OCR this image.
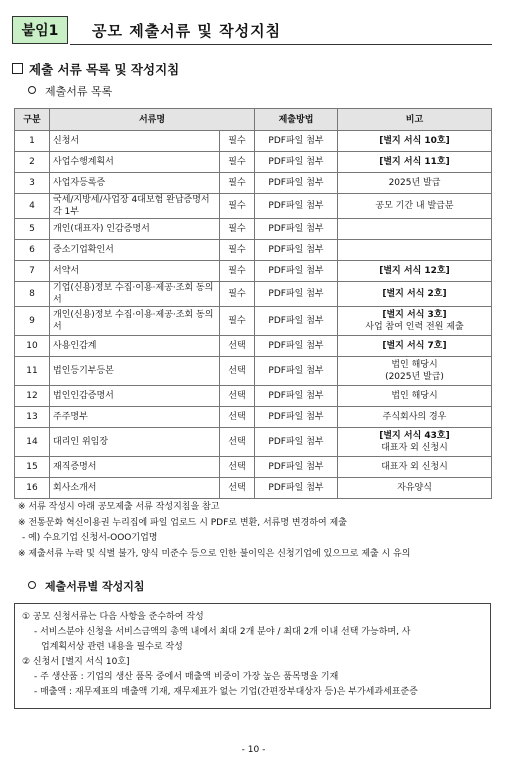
붙임1	공모 제출서류 및 작성지침
제출 서류 목록 및 작성지침
제출서류 목록
구분	서류명		제출방법	비고
1	신청서	필수	PDF파일 첨부	[별지 서식 10호]

2	사업수행계획서	필수	PDF파일 첨부	[별지 서식 11호]

3	사업자등록증	필수	PDF파일 첨부	2025년 발급

4	국세/지방세/사업장 4대보험 완납증명서 각 1부	필수	PDF파일 첨부	공모 기간 내 발급분

5	개인(대표자) 인감증명서	필수	PDF파일 첨부	

6	중소기업확인서	필수	PDF파일 첨부	

7	서약서	필수	PDF파일 첨부	[별지 서식 12호]

8	기업(신용)정보 수집·이용·제공·조회 동의서	필수	PDF파일 첨부	[별지 서식 2호]

9	개인(신용)정보 수집·이용·제공·조회 동의서	필수	PDF파일 첨부	[별지 서식 3호]
사업 참여 인력 전원 제출

10	사용인감계	선택	PDF파일 첨부	[별지 서식 7호]

11	법인등기부등본	선택	PDF파일 첨부	법인 해당시
(2025년 발급)

12	법인인감증명서	선택	PDF파일 첨부	법인 해당시

13	주주명부	선택	PDF파일 첨부	주식회사의 경우

14	대리인 위임장	선택	PDF파일 첨부	[별지 서식 43호]
대표자 외 신청시

15	재직증명서	선택	PDF파일 첨부	대표자 외 신청시

16	회사소개서	선택	PDF파일 첨부	자유양식
※ 서류 작성시 아래 공모제출 서류 작성지침을 참고
※ 전통문화 혁신이용권 누리집에 파일 업로드 시 PDF로 변환, 서류명 변경하여 제출
- 예) 수요기업 신청서-OOO기업명
※ 제출서류 누락 및 식별 불가, 양식 미준수 등으로 인한 불이익은 신청기업에 있으므로 제출 시 유의
제출서류별 작성지침
① 공모 신청서류는 다음 사항을 준수하여 작성
- 서비스분야 신청을 서비스금액의 총액 내에서 최대 2개 분야 / 최대 2개 이내 선택 가능하며, 사
업계획서상 관련 내용을 필수로 작성
② 신청서 [별지 서식 10호]
- 주 생산품 : 기업의 생산 품목 중에서 매출액 비중이 가장 높은 품목명을 기재
- 매출액 : 재무제표의 매출액 기재, 재무제표가 없는 기업(간편장부대상자 등)은 부가세과세표준증
- 10 -
